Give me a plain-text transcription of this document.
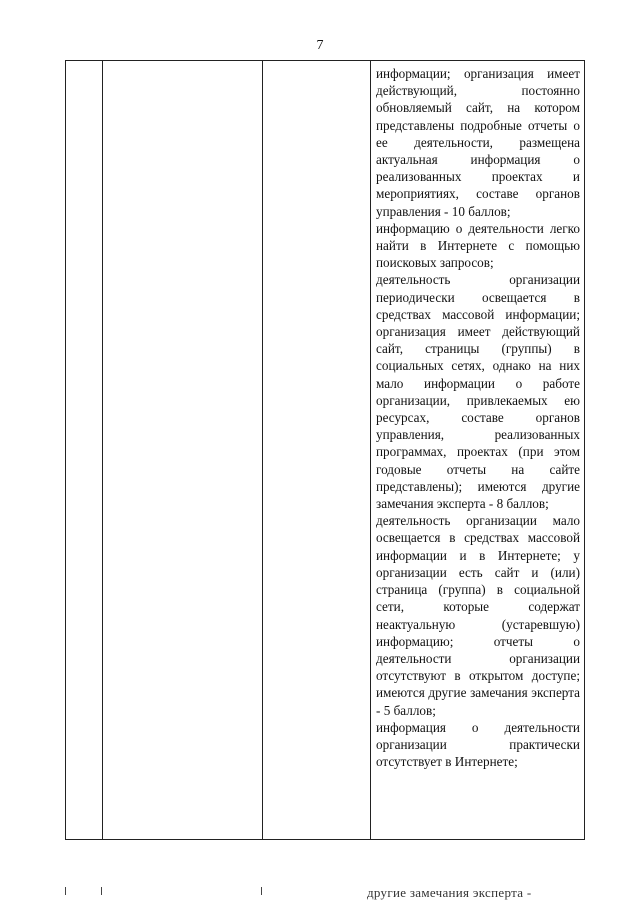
7

информации; организация имеет действующий, постоянно обновляемый сайт, на котором представлены подробные отчеты о ее деятельности, размещена актуальная информация о реализованных проектах и мероприятиях, составе органов управления - 10 баллов;

информацию о деятельности легко найти в Интернете с помощью поисковых запросов;

деятельность организации периодически освещается в средствах массовой информации; организация имеет действующий сайт, страницы (группы) в социальных сетях, однако на них мало информации о работе организации, привлекаемых ею ресурсах, составе органов управления, реализованных программах, проектах (при этом годовые отчеты на сайте представлены); имеются другие замечания эксперта - 8 баллов;

деятельность организации мало освещается в средствах массовой информации и в Интернете; у организации есть сайт и (или) страница (группа) в социальной сети, которые содержат неактуальную (устаревшую) информацию; отчеты о деятельности организации отсутствуют в открытом доступе; имеются другие замечания эксперта - 5 баллов;

информация о деятельности организации практически отсутствует в Интернете;

другие замечания эксперта -
